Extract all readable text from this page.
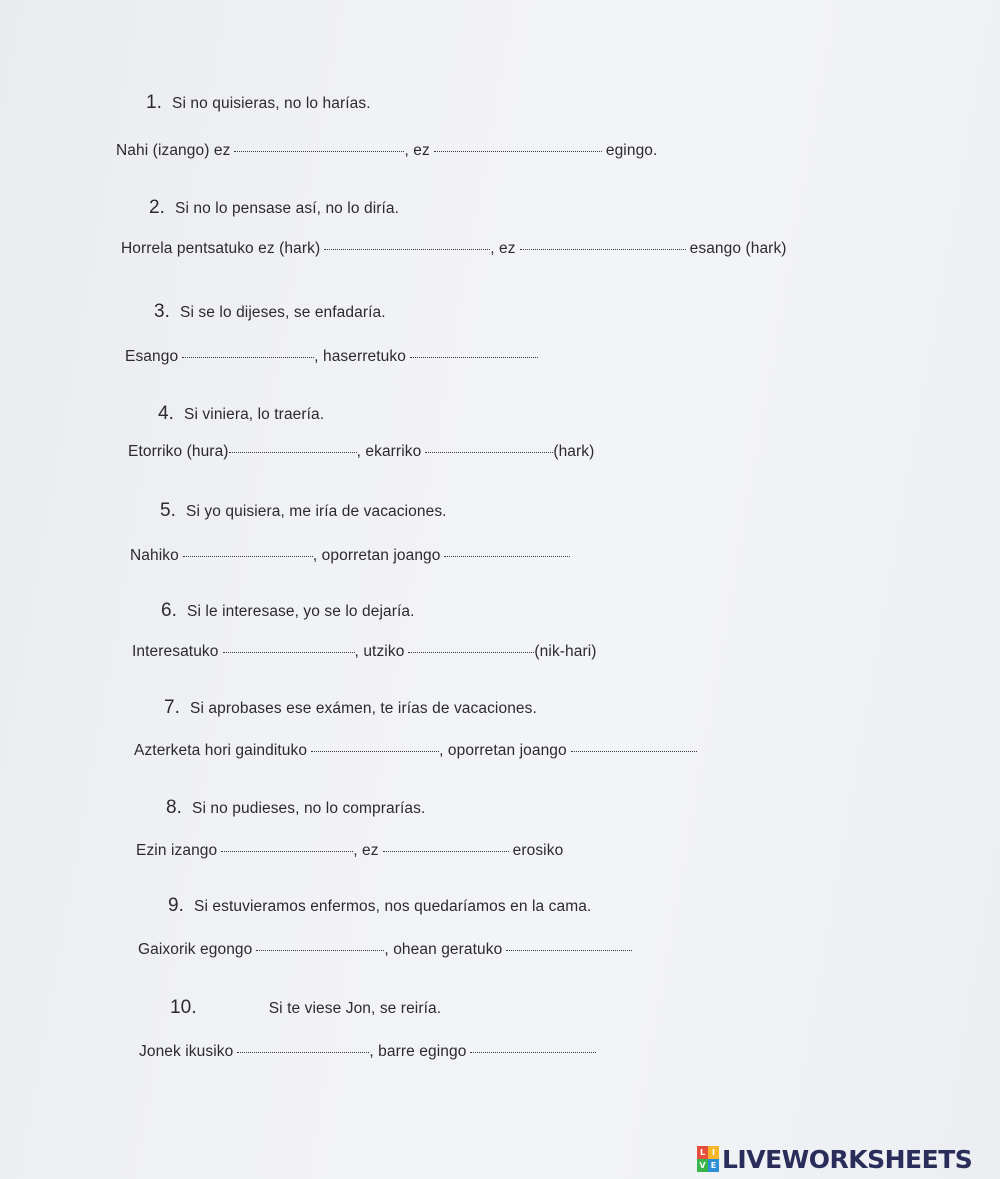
1. Si no quisieras, no lo harías.
Nahi (izango) ez	, ez	egingo.
2. Si no lo pensase así, no lo diría.
Horrela pentsatuko ez (hark)	, ez	esango (hark)
3. Si se lo dijeses, se enfadaría.
Esango	, haserretuko
4. Si viniera, lo traería.
Etorriko (hura)	, ekarriko	(hark)
5. Si yo quisiera, me iría de vacaciones.
Nahiko	, oporretan joango
6. Si le interesase, yo se lo dejaría.
Interesatuko	, utziko	(nik-hari)
7. Si aprobases ese exámen, te irías de vacaciones.
Azterketa hori gaindituko	, oporretan joango
8. Si no pudieses, no lo comprarías.
Ezin izango	, ez	erosiko
9. Si estuvieramos enfermos, nos quedaríamos en la cama.
Gaixorik egongo	, ohean geratuko
10.	Si te viese Jon, se reiría.
Jonek ikusiko	, barre egingo
L I
V E LIVEWORKSHEETS
